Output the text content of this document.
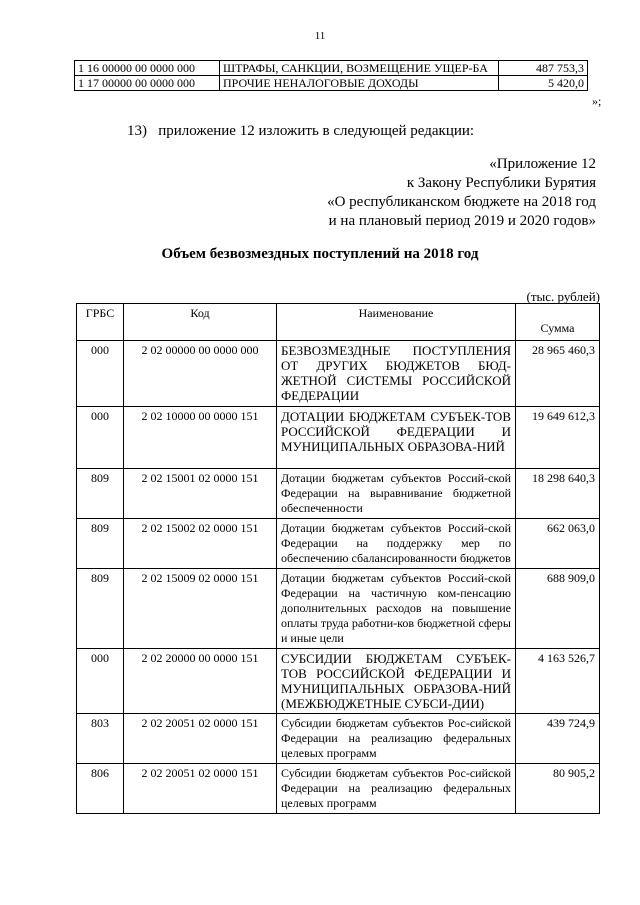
11
1 16 00000 00 0000 000	ШТРАФЫ, САНКЦИИ, ВОЗМЕЩЕНИЕ УЩЕР-БА	487 753,3
1 17 00000 00 0000 000	ПРОЧИЕ НЕНАЛОГОВЫЕ ДОХОДЫ	5 420,0
»;
13)   приложение 12 изложить в следующей редакции:
«Приложение 12
к Закону Республики Бурятия
«О республиканском бюджете на 2018 год
и на плановый период 2019 и 2020 годов»
Объем безвозмездных поступлений на 2018 год
(тыс. рублей)
ГРБС	Код	Наименование	Сумма
000	2 02 00000 00 0000 000	БЕЗВОЗМЕЗДНЫЕ ПОСТУПЛЕНИЯ ОТ ДРУГИХ БЮДЖЕТОВ БЮД-ЖЕТНОЙ СИСТЕМЫ РОССИЙСКОЙ ФЕДЕРАЦИИ	28 965 460,3
000	2 02 10000 00 0000 151	ДОТАЦИИ БЮДЖЕТАМ СУБЪЕК-ТОВ РОССИЙСКОЙ ФЕДЕРАЦИИ И МУНИЦИПАЛЬНЫХ ОБРАЗОВА-НИЙ	19 649 612,3
809	2 02 15001 02 0000 151	Дотации бюджетам субъектов Россий-ской Федерации на выравнивание бюджетной обеспеченности	18 298 640,3
809	2 02 15002 02 0000 151	Дотации бюджетам субъектов Россий-ской Федерации на поддержку мер по обеспечению сбалансированности бюджетов	662 063,0
809	2 02 15009 02 0000 151	Дотации бюджетам субъектов Россий-ской Федерации на частичную ком-пенсацию дополнительных расходов на повышение оплаты труда работни-ков бюджетной сферы и иные цели	688 909,0
000	2 02 20000 00 0000 151	СУБСИДИИ БЮДЖЕТАМ СУБЪЕК-ТОВ РОССИЙСКОЙ ФЕДЕРАЦИИ И МУНИЦИПАЛЬНЫХ ОБРАЗОВА-НИЙ (МЕЖБЮДЖЕТНЫЕ СУБСИ-ДИИ)	4 163 526,7
803	2 02 20051 02 0000 151	Субсидии бюджетам субъектов Рос-сийской Федерации на реализацию федеральных целевых программ	439 724,9
806	2 02 20051 02 0000 151	Субсидии бюджетам субъектов Рос-сийской Федерации на реализацию федеральных целевых программ	80 905,2
